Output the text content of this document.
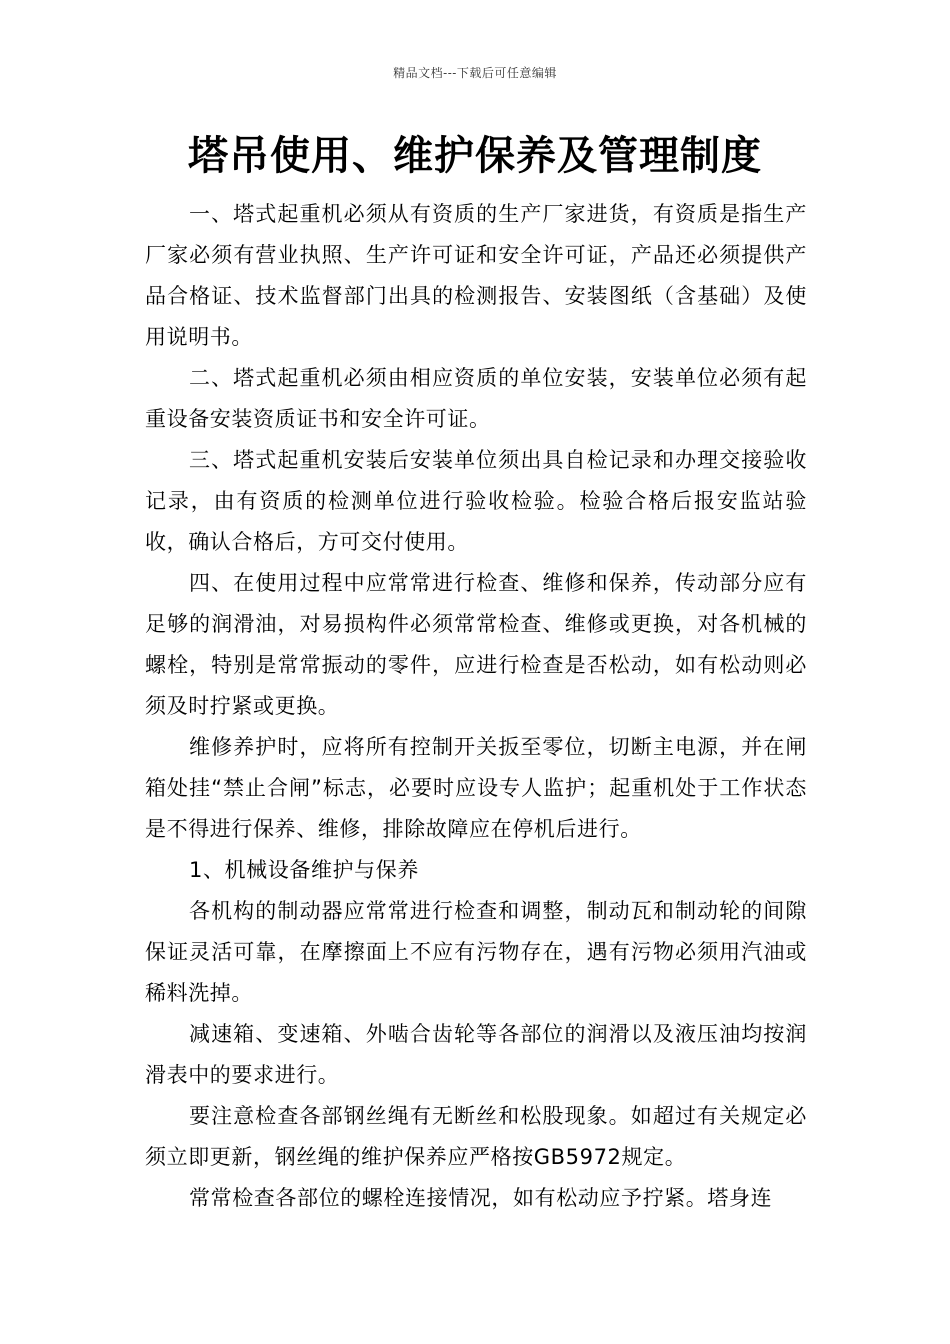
精品文档---下载后可任意编辑
塔吊使用、维护保养及管理制度

一、塔式起重机必须从有资质的生产厂家进货，有资质是指生产厂家必须有营业执照、生产许可证和安全许可证，产品还必须提供产品合格证、技术监督部门出具的检测报告、安装图纸（含基础）及使用说明书。

二、塔式起重机必须由相应资质的单位安装，安装单位必须有起重设备安装资质证书和安全许可证。

三、塔式起重机安装后安装单位须出具自检记录和办理交接验收记录，由有资质的检测单位进行验收检验。检验合格后报安监站验收，确认合格后，方可交付使用。

四、在使用过程中应常常进行检查、维修和保养，传动部分应有足够的润滑油，对易损构件必须常常检查、维修或更换，对各机械的螺栓，特别是常常振动的零件，应进行检查是否松动，如有松动则必须及时拧紧或更换。

维修养护时，应将所有控制开关扳至零位，切断主电源，并在闸箱处挂“禁止合闸”标志，必要时应设专人监护；起重机处于工作状态是不得进行保养、维修，排除故障应在停机后进行。

1、机械设备维护与保养

各机构的制动器应常常进行检查和调整，制动瓦和制动轮的间隙保证灵活可靠，在摩擦面上不应有污物存在，遇有污物必须用汽油或稀料洗掉。

减速箱、变速箱、外啮合齿轮等各部位的润滑以及液压油均按润滑表中的要求进行。

要注意检查各部钢丝绳有无断丝和松股现象。如超过有关规定必须立即更新，钢丝绳的维护保养应严格按GB5972规定。

常常检查各部位的螺栓连接情况，如有松动应予拧紧。塔身连
